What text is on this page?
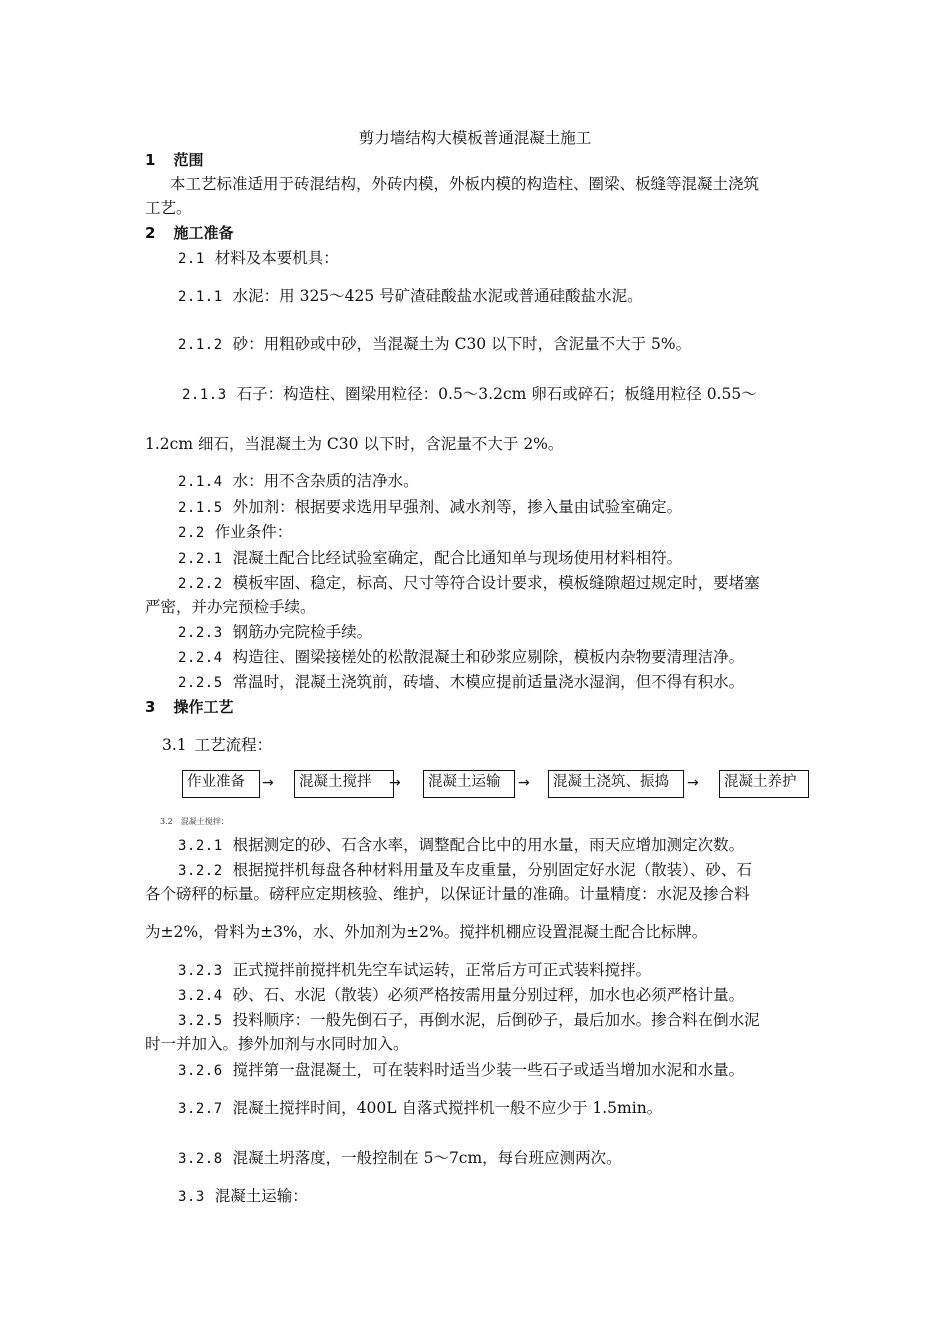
剪力墙结构大模板普通混凝土施工
1 范围
本工艺标准适用于砖混结构，外砖内模，外板内模的构造柱、圈梁、板缝等混凝土浇筑
工艺。
2 施工准备
2.1 材料及本要机具：
2.1.1 水泥：用 325～425 号矿渣硅酸盐水泥或普通硅酸盐水泥。
2.1.2 砂：用粗砂或中砂，当混凝土为 C30 以下时，含泥量不大于 5%。
2.1.3 石子：构造柱、圈梁用粒径：0.5～3.2cm 卵石或碎石；板缝用粒径 0.55～
1.2cm 细石，当混凝土为 C30 以下时，含泥量不大于 2%。
2.1.4 水：用不含杂质的洁净水。
2.1.5 外加剂：根据要求选用早强剂、减水剂等，掺入量由试验室确定。
2.2 作业条件：
2.2.1 混凝土配合比经试验室确定，配合比通知单与现场使用材料相符。
2.2.2 模板牢固、稳定，标高、尺寸等符合设计要求，模板缝隙超过规定时，要堵塞
严密，并办完预检手续。
2.2.3 钢筋办完院检手续。
2.2.4 构造往、圈梁接槎处的松散混凝土和砂浆应剔除，模板内杂物要清理洁净。
2.2.5 常温时，混凝土浇筑前，砖墙、木模应提前适量浇水湿润，但不得有积水。
3 操作工艺
3.1 工艺流程：
作业准备	→	混凝土搅拌	→	混凝土运输	→	混凝土浇筑、振捣	→	混凝土养护
3.2　混凝土搅拌：
3.2.1 根据测定的砂、石含水率，调整配合比中的用水量，雨天应增加测定次数。
3.2.2 根据搅拌机每盘各种材料用量及车皮重量，分别固定好水泥（散装）、砂、石
各个磅秤的标量。磅秤应定期核验、维护，以保证计量的准确。计量精度：水泥及掺合料
为±2%，骨料为±3%，水、外加剂为±2%。搅拌机棚应设置混凝土配合比标牌。
3.2.3 正式搅拌前搅拌机先空车试运转，正常后方可正式装料搅拌。
3.2.4 砂、石、水泥（散装）必须严格按需用量分别过秤，加水也必须严格计量。
3.2.5 投料顺序：一般先倒石子，再倒水泥，后倒砂子，最后加水。掺合料在倒水泥
时一并加入。掺外加剂与水同时加入。
3.2.6 搅拌第一盘混凝土，可在装料时适当少装一些石子或适当增加水泥和水量。
3.2.7 混凝土搅拌时间，400L 自落式搅拌机一般不应少于 1.5min。
3.2.8 混凝土坍落度，一般控制在 5～7cm，每台班应测两次。
3.3 混凝土运输：
